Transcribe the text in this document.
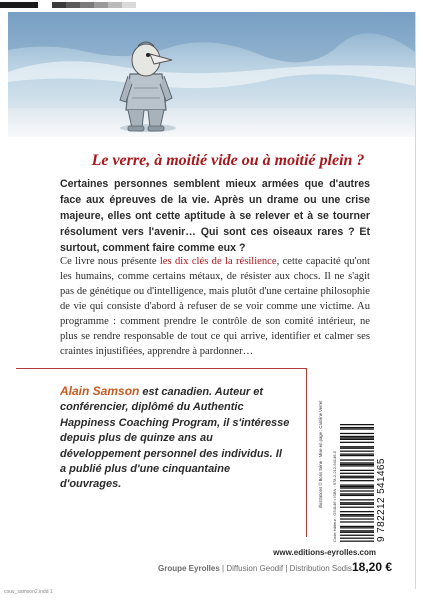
Le verre, à moitié vide ou à moitié plein ?

Certaines personnes semblent mieux armées que d'autres face aux épreuves de la vie. Après un drame ou une crise majeure, elles ont cette aptitude à se relever et à se tourner résolument vers l'avenir… Qui sont ces oiseaux rares ? Et surtout, comment faire comme eux ?

Ce livre nous présente les dix clés de la résilience, cette capacité qu'ont les humains, comme certains métaux, de résister aux chocs. Il ne s'agit pas de génétique ou d'intelligence, mais plutôt d'une certaine philosophie de vie qui consiste d'abord à refuser de se voir comme une victime. Au programme : comment prendre le contrôle de son comité intérieur, ne plus se rendre responsable de tout ce qui arrive, identifier et calmer ses craintes injustifiées, apprendre à pardonner…

Alain Samson est canadien. Auteur et conférencier, diplômé du Authentic Happiness Coaching Program, il s'intéresse depuis plus de quinze ans au développement personnel des individus. Il a publié plus d'une cinquantaine d'ouvrages.	Illustrations © Boris Séne · Mise en page : Caroline Verret Code éditeur : G54146 • ISBN : 978-2-212-54146-5	9 782212 541465

www.editions-eyrolles.com

Groupe Eyrolles | Diffusion Geodif | Distribution Sodis 18,20 €

couv_samson2.indd 1
